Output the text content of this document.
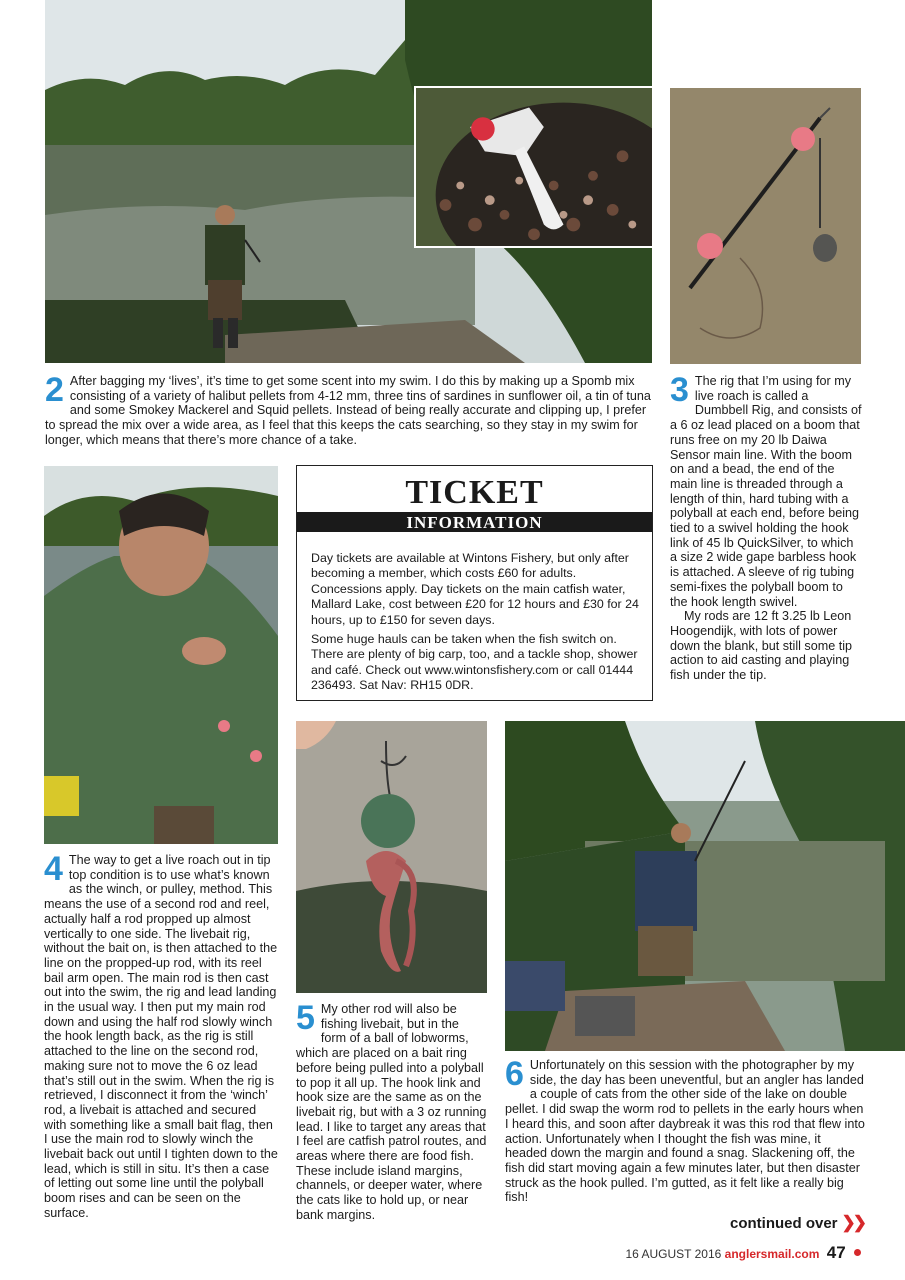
2 After bagging my ‘lives’, it’s time to get some scent into my swim. I do this by making up a Spomb mix consisting of a variety of halibut pellets from 4-12 mm, three tins of sardines in sunflower oil, a tin of tuna and some Smokey Mackerel and Squid pellets. Instead of being really accurate and clipping up, I prefer to spread the mix over a wide area, as I feel that this keeps the cats searching, so they stay in my swim for longer, which means that there’s more chance of a take.

3 The rig that I’m using for my live roach is called a Dumbbell Rig, and consists of a 6 oz lead placed on a boom that runs free on my 20 lb Daiwa Sensor main line. With the boom on and a bead, the end of the main line is threaded through a length of thin, hard tubing with a polyball at each end, before being tied to a swivel holding the hook link of 45 lb QuickSilver, to which a size 2 wide gape barbless hook is attached. A sleeve of rig tubing semi-fixes the polyball boom to the hook length swivel.

My rods are 12 ft 3.25 lb Leon Hoogendijk, with lots of power down the blank, but still some tip action to aid casting and playing fish under the tip.

TICKET
INFORMATION

Day tickets are available at Wintons Fishery, but only after becoming a member, which costs £60 for adults. Concessions apply. Day tickets on the main catfish water, Mallard Lake, cost between £20 for 12 hours and £30 for 24 hours, up to £150 for seven days.

Some huge hauls can be taken when the fish switch on. There are plenty of big carp, too, and a tackle shop, shower and café. Check out www.wintonsfishery.com or call 01444 236493. Sat Nav: RH15 0DR.

4 The way to get a live roach out in tip top condition is to use what’s known as the winch, or pulley, method. This means the use of a second rod and reel, actually half a rod propped up almost vertically to one side. The livebait rig, without the bait on, is then attached to the line on the propped-up rod, with its reel bail arm open. The main rod is then cast out into the swim, the rig and lead landing in the usual way. I then put my main rod down and using the half rod slowly winch the hook length back, as the rig is still attached to the line on the second rod, making sure not to move the 6 oz lead that’s still out in the swim. When the rig is retrieved, I disconnect it from the ‘winch’ rod, a livebait is attached and secured with something like a small bait flag, then I use the main rod to slowly winch the livebait back out until I tighten down to the lead, which is still in situ. It’s then a case of letting out some line until the polyball boom rises and can be seen on the surface.

5 My other rod will also be fishing livebait, but in the form of a ball of lobworms, which are placed on a bait ring before being pulled into a polyball to pop it all up. The hook link and hook size are the same as on the livebait rig, but with a 3 oz running lead. I like to target any areas that I feel are catfish patrol routes, and areas where there are food fish. These include island margins, channels, or deeper water, where the cats like to hold up, or near bank margins.

6 Unfortunately on this session with the photographer by my side, the day has been uneventful, but an angler has landed a couple of cats from the other side of the lake on double pellet. I did swap the worm rod to pellets in the early hours when I heard this, and soon after daybreak it was this rod that flew into action. Unfortunately when I thought the fish was mine, it headed down the margin and found a snag. Slackening off, the fish did start moving again a few minutes later, but then disaster struck as the hook pulled. I’m gutted, as it felt like a really big fish!

continued over ❯❯
16 AUGUST 2016 anglersmail.com 47
